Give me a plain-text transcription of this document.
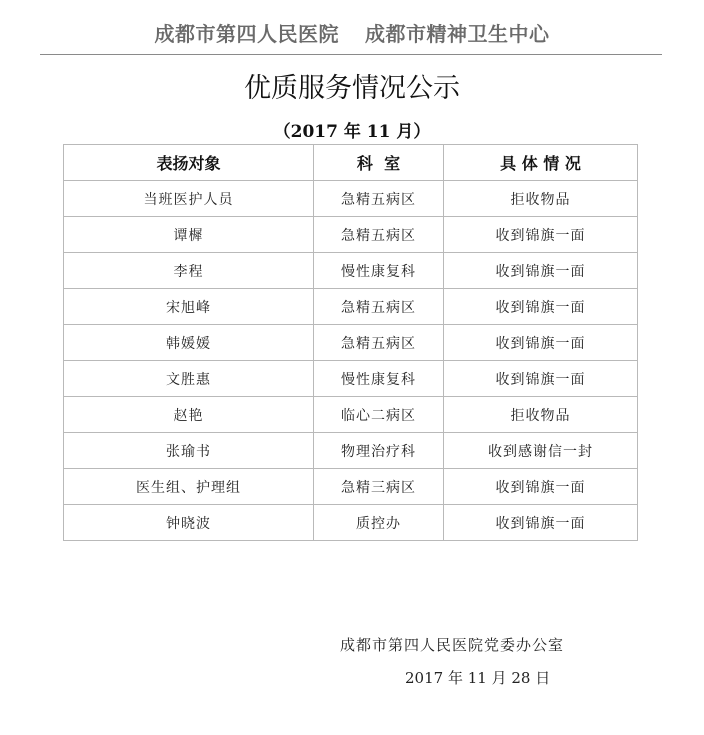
成都市第四人民医院 成都市精神卫生中心
优质服务情况公示
（2017 年 11 月）
表扬对象	科  室	具 体 情 况
当班医护人员	急精五病区	拒收物品
谭樨	急精五病区	收到锦旗一面
李程	慢性康复科	收到锦旗一面
宋旭峰	急精五病区	收到锦旗一面
韩媛媛	急精五病区	收到锦旗一面
文胜惠	慢性康复科	收到锦旗一面
赵艳	临心二病区	拒收物品
张瑜书	物理治疗科	收到感谢信一封
医生组、护理组	急精三病区	收到锦旗一面
钟晓波	质控办	收到锦旗一面
成都市第四人民医院党委办公室
2017 年 11 月 28 日
